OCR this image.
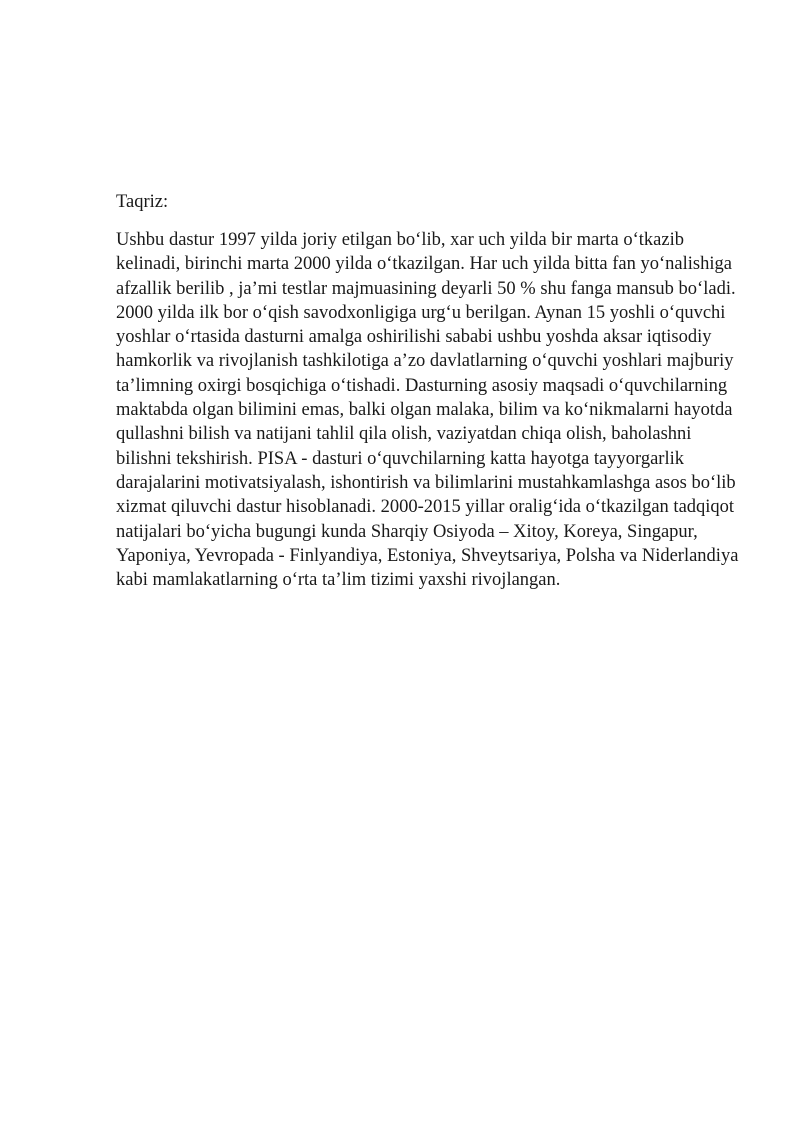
Taqriz:

Ushbu dastur 1997 yilda joriy etilgan bo‘lib, xar uch yilda bir marta o‘tkazib
kelinadi, birinchi marta 2000 yilda o‘tkazilgan. Har uch yilda bitta fan yo‘nalishiga
afzallik berilib , ja’mi testlar majmuasining deyarli 50 % shu fanga mansub bo‘ladi.
2000 yilda ilk bor o‘qish savodxonligiga urg‘u berilgan. Aynan 15 yoshli o‘quvchi
yoshlar o‘rtasida dasturni amalga oshirilishi sababi ushbu yoshda aksar iqtisodiy
hamkorlik va rivojlanish tashkilotiga a’zo davlatlarning o‘quvchi yoshlari majburiy
ta’limning oxirgi bosqichiga o‘tishadi. Dasturning asosiy maqsadi o‘quvchilarning
maktabda olgan bilimini emas, balki olgan malaka, bilim va ko‘nikmalarni hayotda
qullashni bilish va natijani tahlil qila olish, vaziyatdan chiqa olish, baholashni
bilishni tekshirish. PISA - dasturi o‘quvchilarning katta hayotga tayyorgarlik
darajalarini motivatsiyalash, ishontirish va bilimlarini mustahkamlashga asos bo‘lib
xizmat qiluvchi dastur hisoblanadi. 2000-2015 yillar oralig‘ida o‘tkazilgan tadqiqot
natijalari bo‘yicha bugungi kunda Sharqiy Osiyoda – Xitoy, Koreya, Singapur,
Yaponiya, Yevropada - Finlyandiya, Estoniya, Shveytsariya, Polsha va Niderlandiya
kabi mamlakatlarning o‘rta ta’lim tizimi yaxshi rivojlangan.
